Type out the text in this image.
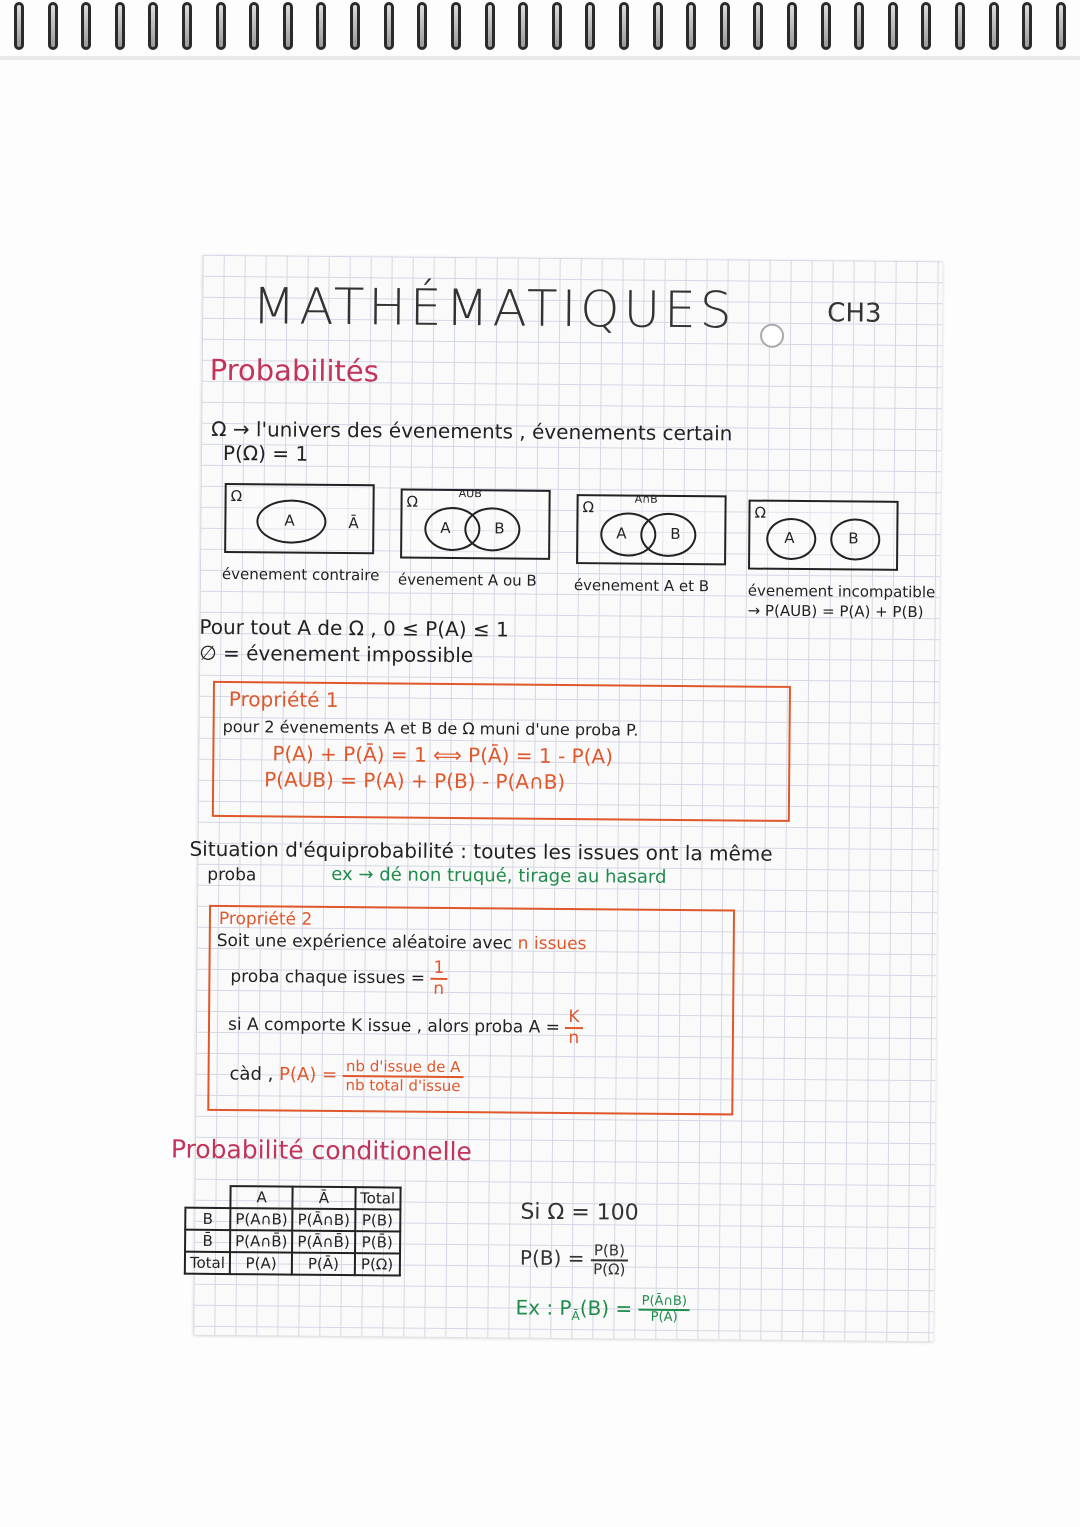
MATHÉMATIQUES	CH3
Probabilités
Ω → l'univers des évenements , évenements certain
P(Ω) = 1
Ω
A	Ā
évenement contraire
Ω	AUB
A	B
évenement A ou B
Ω	A∩B
A	B
évenement A et B
Ω
A	B
évenement incompatible
→ P(AUB) = P(A) + P(B)
Pour tout A de Ω , 0 ≤ P(A) ≤ 1
∅ = évenement impossible
Propriété 1
pour 2 évenements A et B de Ω muni d'une proba P.
P(A) + P(Ā) = 1 ⟺ P(Ā) = 1 - P(A)
P(AUB) = P(A) + P(B) - P(A∩B)
Situation d'équiprobabilité : toutes les issues ont la même
proba	ex → dé non truqué, tirage au hasard
Propriété 2
Soit une expérience aléatoire avec n issues
proba chaque issues = $\frac{1}{n}$
si A comporte K issue , alors proba $A = \frac{K}{n}$
càd , $P(A) = \frac{\text{nb d'issue de A}}{\text{nb total d'issue}}$
Probabilité conditionelle
	A	Ā	Total
B	P(A∩B)	P(Ā∩B)	P(B)
B̄	P(A∩B̄)	P(Ā∩B̄)	P(B̄)
Total	P(A)	P(Ā)	P(Ω)
Si Ω = 100
$P(B) = \frac{P(B)}{P(\Omega)}$
Ex : $P_Ā(B) = \frac{P(Ā\cap B)}{P(Ā)}$
